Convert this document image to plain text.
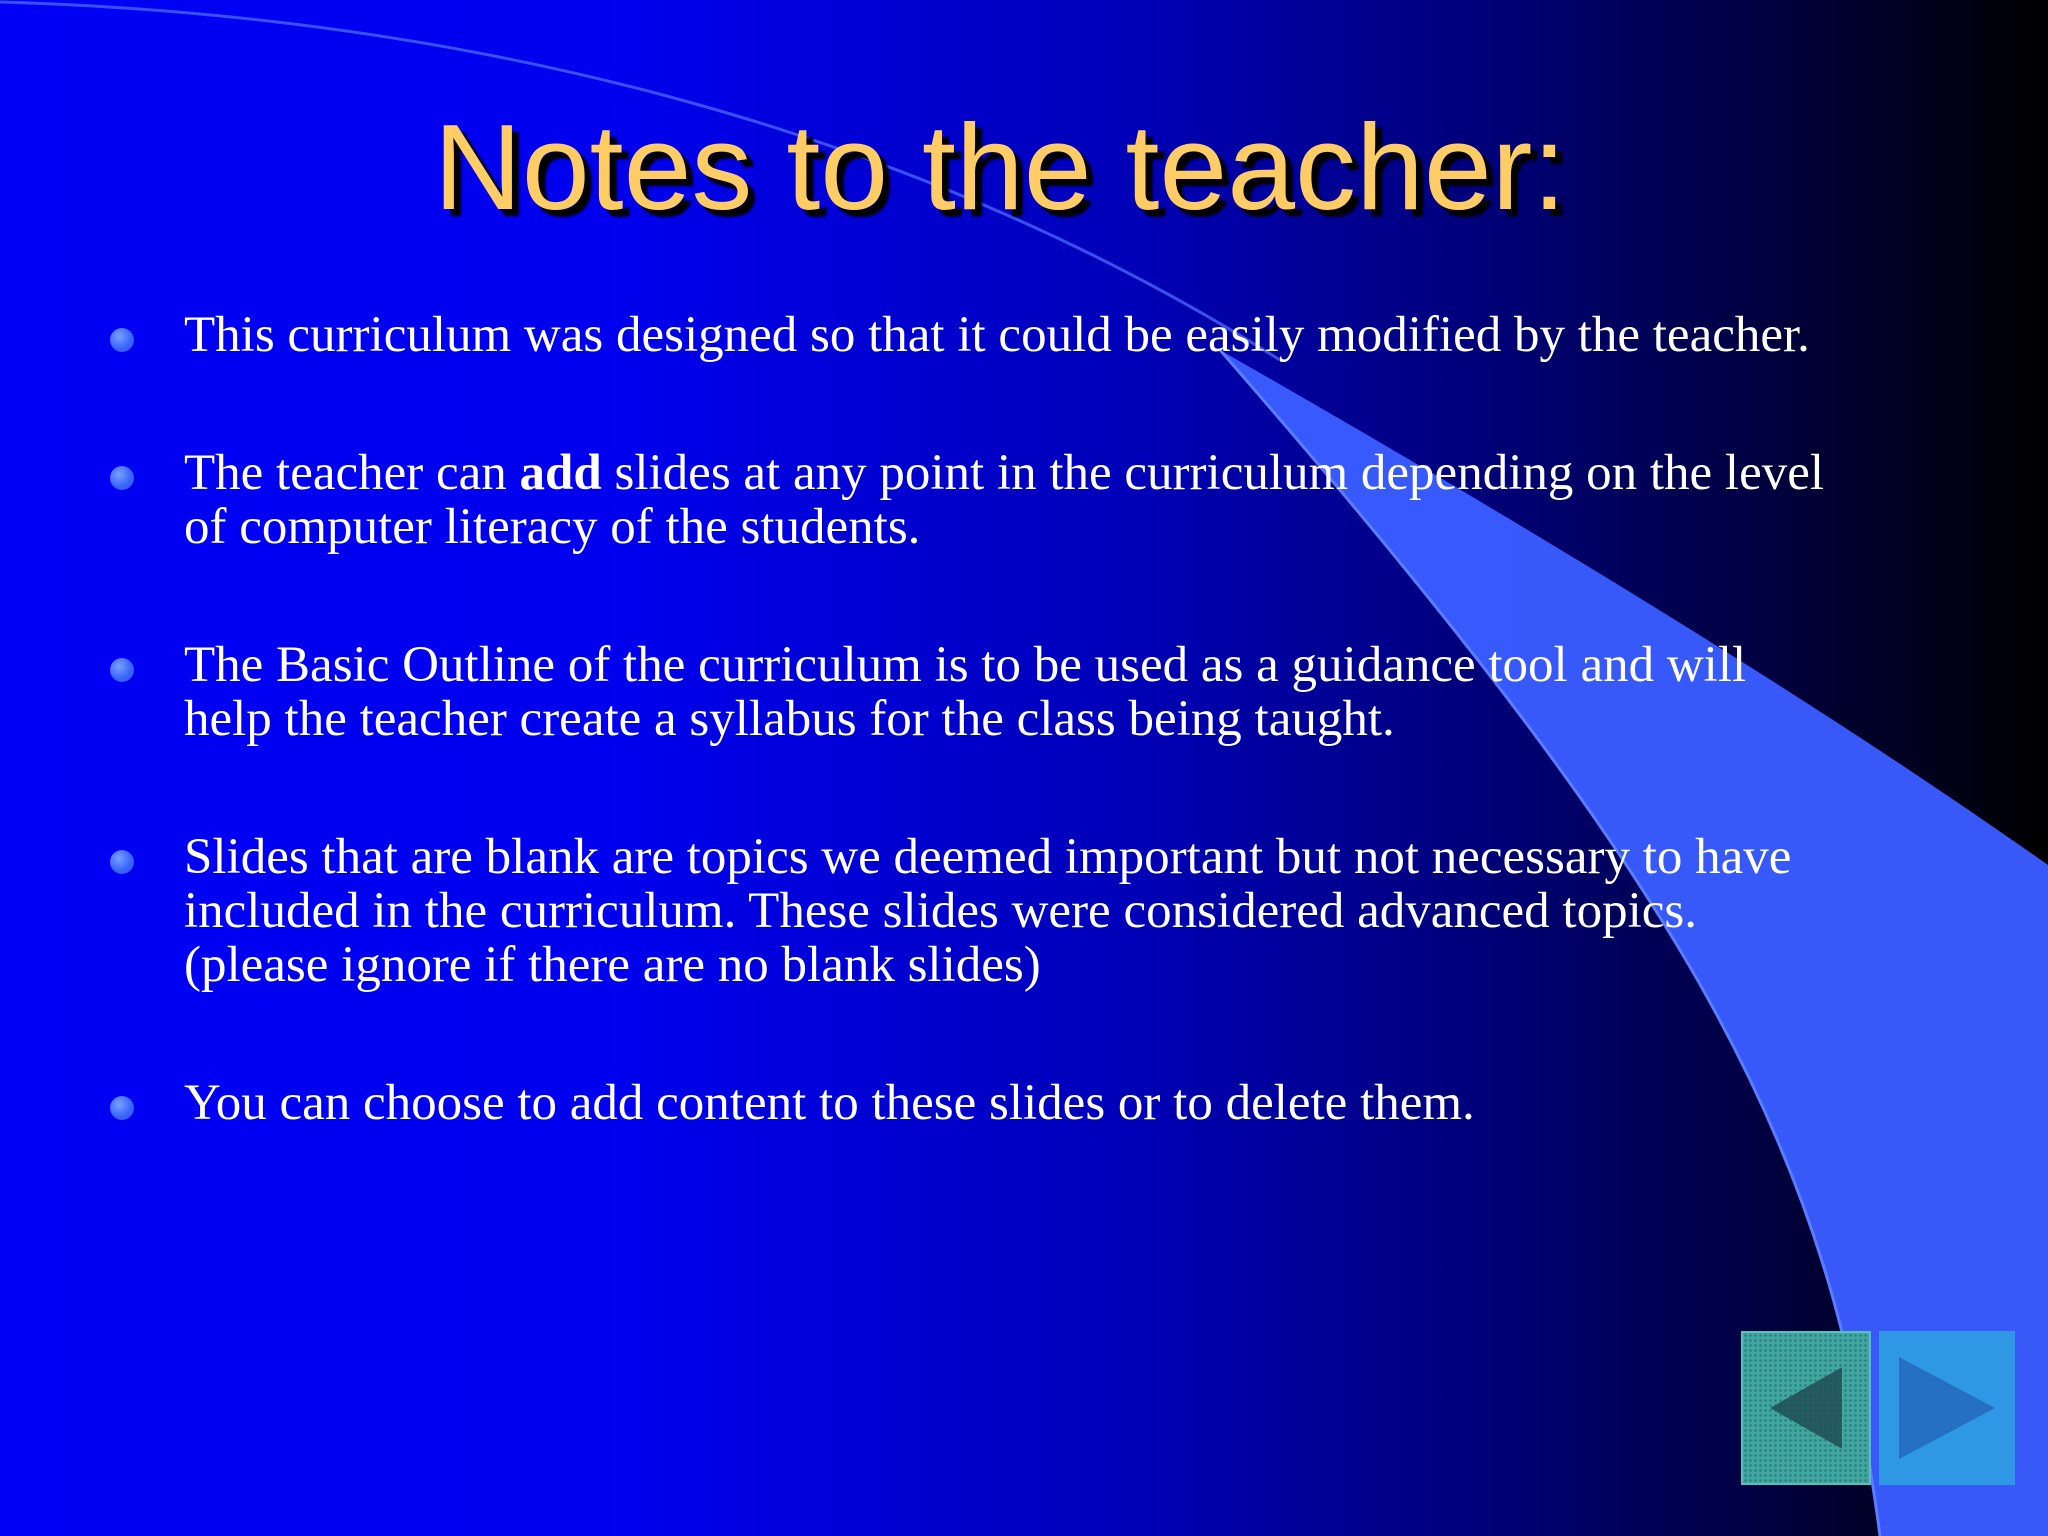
Notes to the teacher:
This curriculum was designed so that it could be easily modified by the teacher.
The teacher can add slides at any point in the curriculum depending on the level of computer literacy of the students.
The Basic Outline of the curriculum is to be used as a guidance tool and will help the teacher create a syllabus for the class being taught.
Slides that are blank are topics we deemed important but not necessary to have included in the curriculum. These slides were considered advanced topics. (please ignore if there are no blank slides)
You can choose to add content to these slides or to delete them.
